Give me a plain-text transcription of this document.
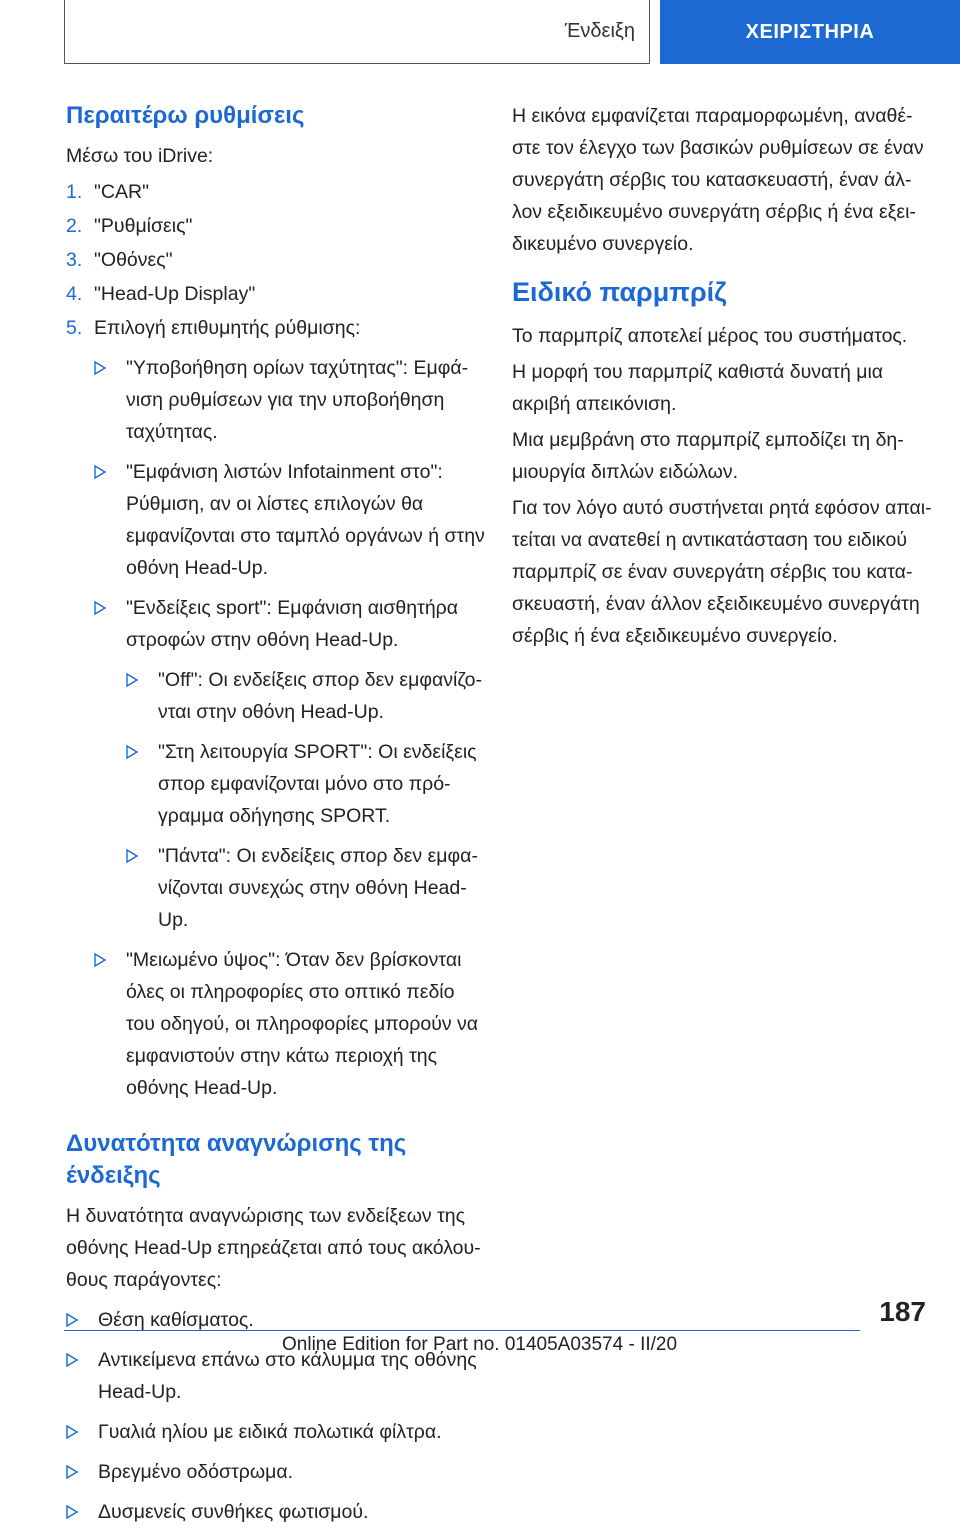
Ένδειξη	ΧΕΙΡΙΣΤΗΡΙΑ
Περαιτέρω ρυθμίσεις

Μέσω του iDrive:

1. "CAR"
2. "Ρυθμίσεις"
3. "Οθόνες"
4. "Head-Up Display"
5. Επιλογή επιθυμητής ρύθμισης:
"Υποβοήθηση ορίων ταχύτητας": Εμφάνιση ρυθμίσεων για την υποβοήθηση ταχύτητας.
"Εμφάνιση λιστών Infotainment στο": Ρύθμιση, αν οι λίστες επιλογών θα εμφανίζονται στο ταμπλό οργάνων ή στην οθόνη Head-Up.
"Ενδείξεις sport": Εμφάνιση αισθητήρα στροφών στην οθόνη Head-Up.
"Off": Οι ενδείξεις σπορ δεν εμφανίζονται στην οθόνη Head-Up.
"Στη λειτουργία SPORT": Οι ενδείξεις σπορ εμφανίζονται μόνο στο πρόγραμμα οδήγησης SPORT.
"Πάντα": Οι ενδείξεις σπορ δεν εμφανίζονται συνεχώς στην οθόνη Head-Up.
"Μειωμένο ύψος": Όταν δεν βρίσκονται όλες οι πληροφορίες στο οπτικό πεδίο του οδηγού, οι πληροφορίες μπορούν να εμφανιστούν στην κάτω περιοχή της οθόνης Head-Up.
Δυνατότητα αναγνώρισης της ένδειξης

Η δυνατότητα αναγνώρισης των ενδείξεων της οθόνης Head-Up επηρεάζεται από τους ακόλουθους παράγοντες:

Θέση καθίσματος.
Αντικείμενα επάνω στο κάλυμμα της οθόνης Head-Up.
Γυαλιά ηλίου με ειδικά πολωτικά φίλτρα.
Βρεγμένο οδόστρωμα.
Δυσμενείς συνθήκες φωτισμού.

Η εικόνα εμφανίζεται παραμορφωμένη, αναθέστε τον έλεγχο των βασικών ρυθμίσεων σε έναν συνεργάτη σέρβις του κατασκευαστή, έναν άλλον εξειδικευμένο συνεργάτη σέρβις ή ένα εξειδικευμένο συνεργείο.

Ειδικό παρμπρίζ

Το παρμπρίζ αποτελεί μέρος του συστήματος.

Η μορφή του παρμπρίζ καθιστά δυνατή μια ακριβή απεικόνιση.

Μια μεμβράνη στο παρμπρίζ εμποδίζει τη δημιουργία διπλών ειδώλων.

Για τον λόγο αυτό συστήνεται ρητά εφόσον απαιτείται να ανατεθεί η αντικατάσταση του ειδικού παρμπρίζ σε έναν συνεργάτη σέρβις του κατασκευαστή, έναν άλλον εξειδικευμένο συνεργάτη σέρβις ή ένα εξειδικευμένο συνεργείο.

187
Online Edition for Part no. 01405A03574 - II/20
